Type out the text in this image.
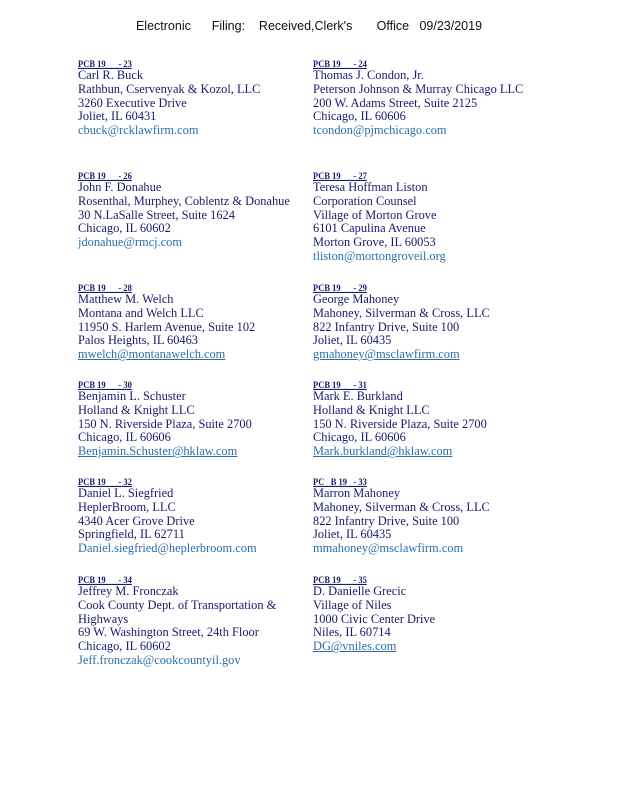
Electronic      Filing:    Received,Clerk's       Office   09/23/2019
PCB 19      - 23
Carl R. Buck
Rathbun, Cservenyak & Kozol, LLC
3260 Executive Drive
Joliet, IL 60431
cbuck@rcklawfirm.com
PCB 19      - 24
Thomas J. Condon, Jr.
Peterson Johnson & Murray Chicago LLC
200 W. Adams Street, Suite 2125
Chicago, IL 60606
tcondon@pjmchicago.com
PCB 19      - 26
John F. Donahue
Rosenthal, Murphey, Coblentz & Donahue
30 N.LaSalle Street, Suite 1624
Chicago, IL 60602
jdonahue@rmcj.com
PCB 19      - 27
Teresa Hoffman Liston
Corporation Counsel
Village of Morton Grove
6101 Capulina Avenue
Morton Grove, IL 60053
tliston@mortongroveil.org
PCB 19      - 28
Matthew M. Welch
Montana and Welch LLC
11950 S. Harlem Avenue, Suite 102
Palos Heights, IL 60463
mwelch@montanawelch.com
PCB 19      - 29
George Mahoney
Mahoney, Silverman & Cross, LLC
822 Infantry Drive, Suite 100
Joliet, IL 60435
gmahoney@msclawfirm.com
PCB 19      - 30
Benjamin L. Schuster
Holland & Knight LLC
150 N. Riverside Plaza, Suite 2700
Chicago, IL 60606
Benjamin.Schuster@hklaw.com
PCB 19      - 31
Mark E. Burkland
Holland & Knight LLC
150 N. Riverside Plaza, Suite 2700
Chicago, IL 60606
Mark.burkland@hklaw.com
PCB 19      - 32
Daniel L. Siegfried
HeplerBroom, LLC
4340 Acer Grove Drive
Springfield, IL 62711
Daniel.siegfried@heplerbroom.com
PC   B 19   - 33
Marron Mahoney
Mahoney, Silverman & Cross, LLC
822 Infantry Drive, Suite 100
Joliet, IL 60435
mmahoney@msclawfirm.com
PCB 19      - 34
Jeffrey M. Fronczak
Cook County Dept. of Transportation &
Highways
69 W. Washington Street, 24th Floor
Chicago, IL 60602
Jeff.fronczak@cookcountyil.gov
PCB 19      - 35
D. Danielle Grecic
Village of Niles
1000 Civic Center Drive
Niles, IL 60714
DG@vniles.com
